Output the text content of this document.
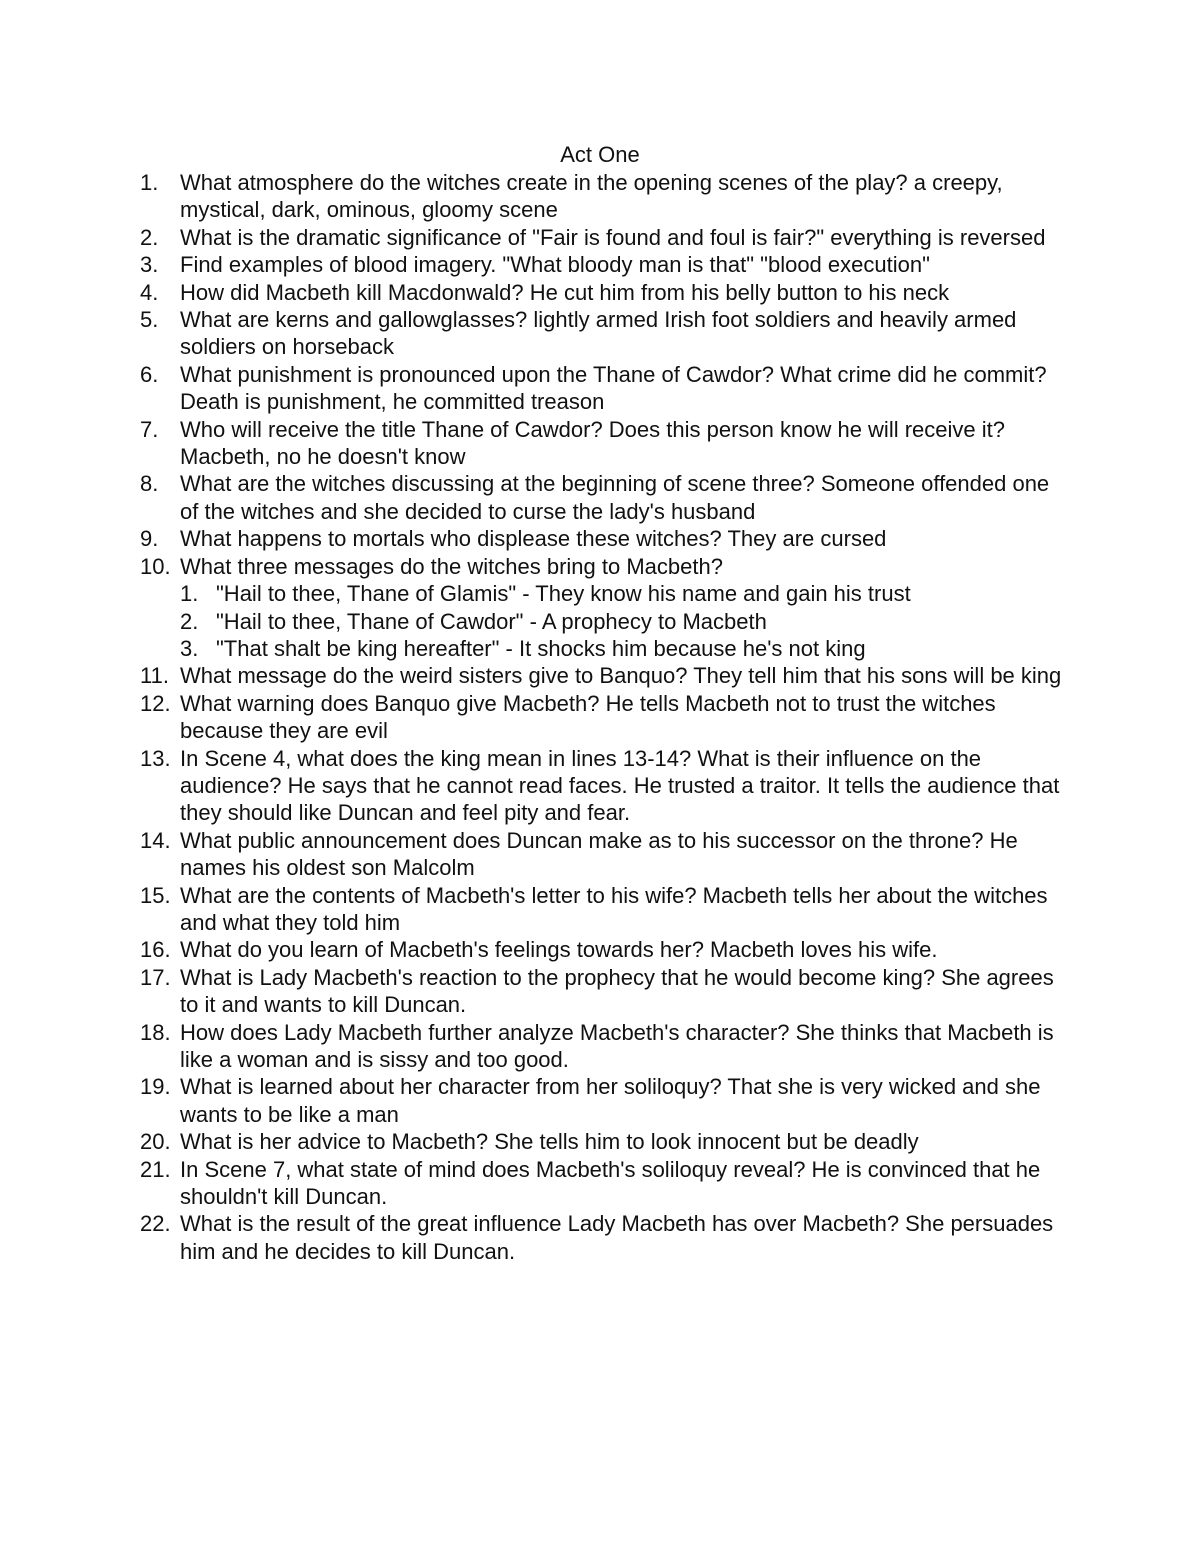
Act One
1. What atmosphere do the witches create in the opening scenes of the play? a creepy, mystical, dark, ominous, gloomy scene
2. What is the dramatic significance of "Fair is found and foul is fair?" everything is reversed
3. Find examples of blood imagery. "What bloody man is that" "blood execution"
4. How did Macbeth kill Macdonwald? He cut him from his belly button to his neck
5. What are kerns and gallowglasses? lightly armed Irish foot soldiers and heavily armed soldiers on horseback
6. What punishment is pronounced upon the Thane of Cawdor? What crime did he commit? Death is punishment, he committed treason
7. Who will receive the title Thane of Cawdor? Does this person know he will receive it? Macbeth, no he doesn't know
8. What are the witches discussing at the beginning of scene three? Someone offended one of the witches and she decided to curse the lady's husband
9. What happens to mortals who displease these witches? They are cursed
10. What three messages do the witches bring to Macbeth?
1. "Hail to thee, Thane of Glamis" - They know his name and gain his trust
2. "Hail to thee, Thane of Cawdor" - A prophecy to Macbeth
3. "That shalt be king hereafter" - It shocks him because he's not king
11. What message do the weird sisters give to Banquo? They tell him that his sons will be king
12. What warning does Banquo give Macbeth? He tells Macbeth not to trust the witches because they are evil
13. In Scene 4, what does the king mean in lines 13-14? What is their influence on the audience? He says that he cannot read faces. He trusted a traitor. It tells the audience that they should like Duncan and feel pity and fear.
14. What public announcement does Duncan make as to his successor on the throne? He names his oldest son Malcolm
15. What are the contents of Macbeth's letter to his wife? Macbeth tells her about the witches and what they told him
16. What do you learn of Macbeth's feelings towards her? Macbeth loves his wife.
17. What is Lady Macbeth's reaction to the prophecy that he would become king? She agrees to it and wants to kill Duncan.
18. How does Lady Macbeth further analyze Macbeth's character? She thinks that Macbeth is like a woman and is sissy and too good.
19. What is learned about her character from her soliloquy? That she is very wicked and she wants to be like a man
20. What is her advice to Macbeth? She tells him to look innocent but be deadly
21. In Scene 7, what state of mind does Macbeth's soliloquy reveal? He is convinced that he shouldn't kill Duncan.
22. What is the result of the great influence Lady Macbeth has over Macbeth? She persuades him and he decides to kill Duncan.
